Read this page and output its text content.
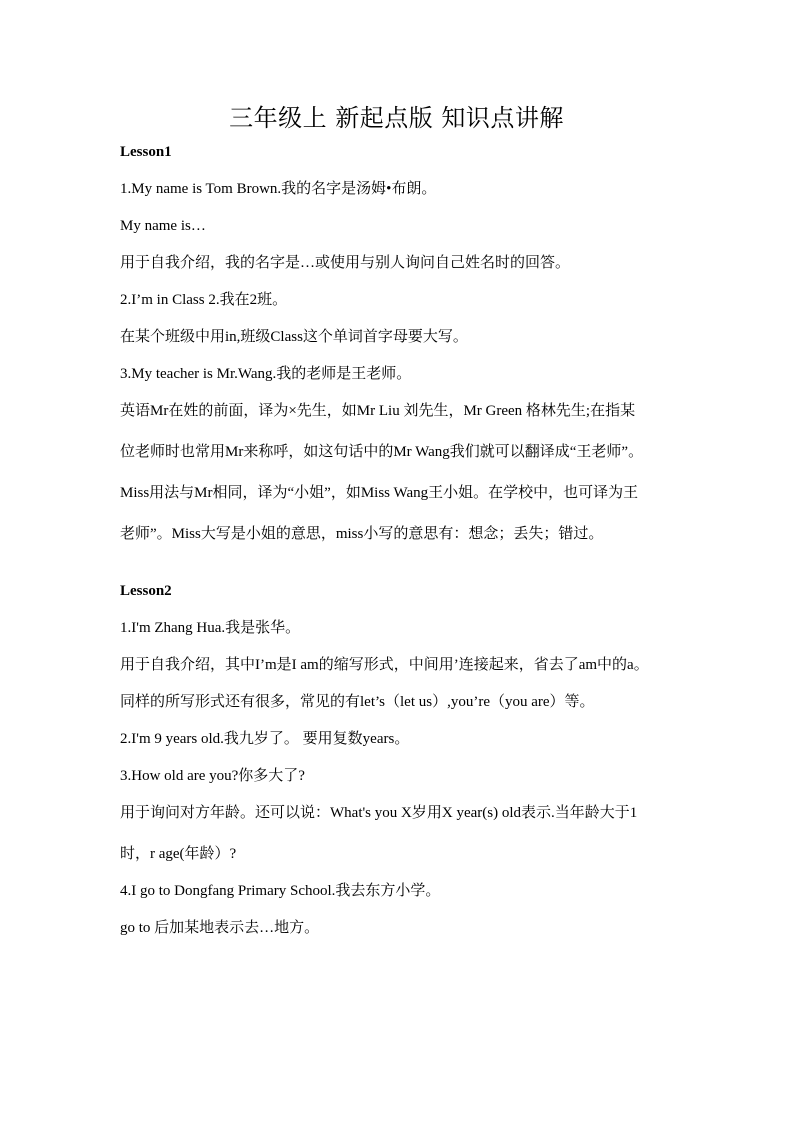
三年级上 新起点版 知识点讲解
Lesson1
1.My name is Tom Brown.我的名字是汤姆•布朗。
My name is…
用于自我介绍，我的名字是…或使用与别人询问自己姓名时的回答。
2.I’m in Class 2.我在2班。
在某个班级中用in,班级Class这个单词首字母要大写。
3.My teacher is Mr.Wang.我的老师是王老师。
英语Mr在姓的前面，译为×先生，如Mr Liu 刘先生，Mr Green 格林先生;在指某
位老师时也常用Mr来称呼，如这句话中的Mr Wang我们就可以翻译成“王老师”。
Miss用法与Mr相同，译为“小姐”，如Miss Wang王小姐。在学校中，也可译为王
老师”。Miss大写是小姐的意思，miss小写的意思有：想念；丢失；错过。
Lesson2
1.I'm Zhang Hua.我是张华。
用于自我介绍，其中I’m是I am的缩写形式，中间用’连接起来，省去了am中的a。
同样的所写形式还有很多，常见的有let’s（let us）,you’re（you are）等。
2.I'm 9 years old.我九岁了。 要用复数years。
3.How old are you?你多大了?
用于询问对方年龄。还可以说：What's you X岁用X year(s) old表示.当年龄大于1
时，r age(年龄）?
4.I go to Dongfang Primary School.我去东方小学。
go to 后加某地表示去…地方。
